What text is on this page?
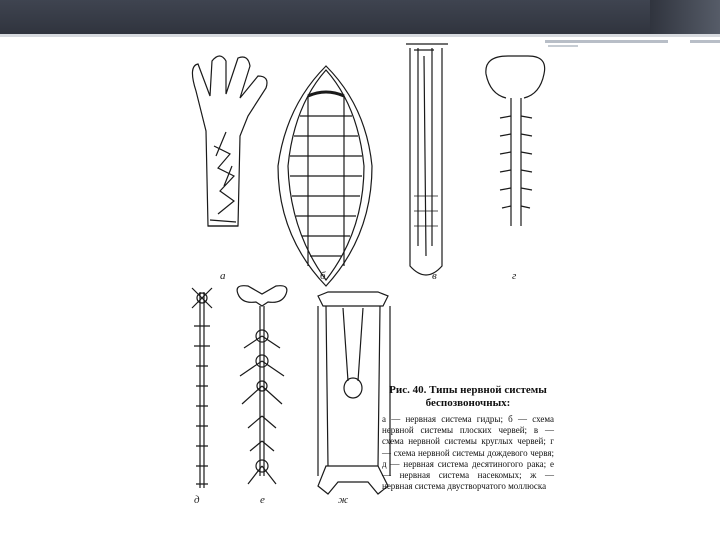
а	б	в	г
д	е	ж
Рис. 40. Типы нервной системы
беспозвоночных:
а — нервная система гидры; б — схема нервной системы плоских червей; в — схема нервной системы круглых червей; г — схема нервной системы дождевого червя; д — нервная система десятиногого рака; е — нервная система насекомых; ж — нервная система двустворчатого моллюска
